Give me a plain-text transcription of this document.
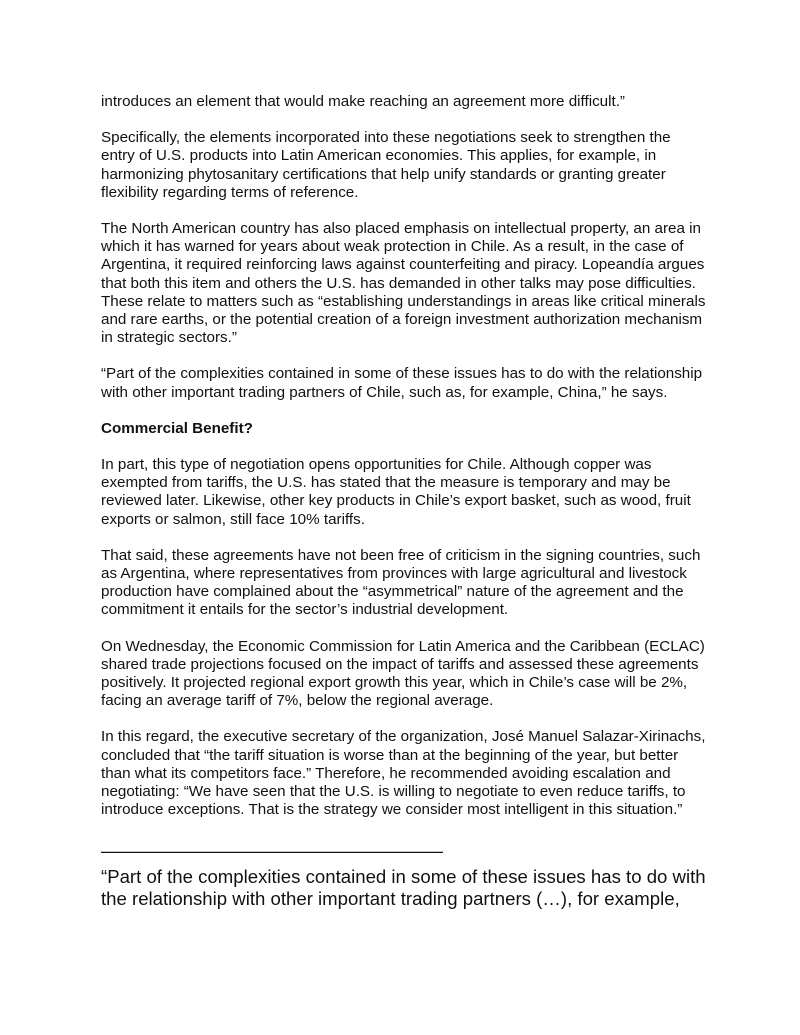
introduces an element that would make reaching an agreement more difficult.”

Specifically, the elements incorporated into these negotiations seek to strengthen the entry of U.S. products into Latin American economies. This applies, for example, in harmonizing phytosanitary certifications that help unify standards or granting greater flexibility regarding terms of reference.

The North American country has also placed emphasis on intellectual property, an area in which it has warned for years about weak protection in Chile. As a result, in the case of Argentina, it required reinforcing laws against counterfeiting and piracy. Lopeandía argues that both this item and others the U.S. has demanded in other talks may pose difficulties. These relate to matters such as “establishing understandings in areas like critical minerals and rare earths, or the potential creation of a foreign investment authorization mechanism in strategic sectors.”

“Part of the complexities contained in some of these issues has to do with the relationship with other important trading partners of Chile, such as, for example, China,” he says.

Commercial Benefit?

In part, this type of negotiation opens opportunities for Chile. Although copper was exempted from tariffs, the U.S. has stated that the measure is temporary and may be reviewed later. Likewise, other key products in Chile’s export basket, such as wood, fruit exports or salmon, still face 10% tariffs.

That said, these agreements have not been free of criticism in the signing countries, such as Argentina, where representatives from provinces with large agricultural and livestock production have complained about the “asymmetrical” nature of the agreement and the commitment it entails for the sector’s industrial development.

On Wednesday, the Economic Commission for Latin America and the Caribbean (ECLAC) shared trade projections focused on the impact of tariffs and assessed these agreements positively. It projected regional export growth this year, which in Chile’s case will be 2%, facing an average tariff of 7%, below the regional average.

In this regard, the executive secretary of the organization, José Manuel Salazar-Xirinachs, concluded that “the tariff situation is worse than at the beginning of the year, but better than what its competitors face.” Therefore, he recommended avoiding escalation and negotiating: “We have seen that the U.S. is willing to negotiate to even reduce tariffs, to introduce exceptions. That is the strategy we consider most intelligent in this situation.”

———————————————————

“Part of the complexities contained in some of these issues has to do with the relationship with other important trading partners (…), for example,
